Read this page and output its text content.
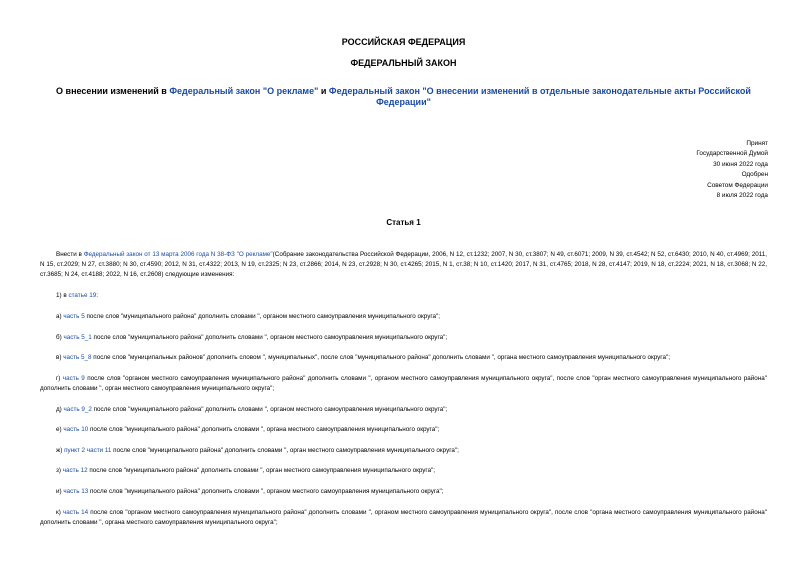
РОССИЙСКАЯ ФЕДЕРАЦИЯ
ФЕДЕРАЛЬНЫЙ ЗАКОН
О внесении изменений в Федеральный закон "О рекламе" и Федеральный закон "О внесении изменений в отдельные законодательные акты Российской Федерации"
Принят
Государственной Думой
30 июня 2022 года
Одобрен
Советом Федерации
8 июля 2022 года
Статья 1
Внести в Федеральный закон от 13 марта 2006 года N 38-ФЗ "О рекламе"(Собрание законодательства Российской Федерации, 2006, N 12, ст.1232; 2007, N 30, ст.3807; N 49, ст.6071; 2009, N 39, ст.4542; N 52, ст.6430; 2010, N 40, ст.4969; 2011, N 15, ст.2029; N 27, ст.3880; N 30, ст.4590; 2012, N 31, ст.4322; 2013, N 19, ст.2325; N 23, ст.2866; 2014, N 23, ст.2928; N 30, ст.4265; 2015, N 1, ст.38; N 10, ст.1420; 2017, N 31, ст.4765; 2018, N 28, ст.4147; 2019, N 18, ст.2224; 2021, N 18, ст.3068; N 22, ст.3685; N 24, ст.4188; 2022, N 16, ст.2608) следующие изменения:
1) в статье 19:
а) часть 5 после слов "муниципального района" дополнить словами ", органом местного самоуправления муниципального округа";
б) часть 5_1 после слов "муниципального района" дополнить словами ", органом местного самоуправления муниципального округа";
в) часть 5_8 после слов "муниципальных районов" дополнить словом ", муниципальных", после слов "муниципального района" дополнить словами ", органа местного самоуправления муниципального округа";
г) часть 9 после слов "органом местного самоуправления муниципального района" дополнить словами ", органом местного самоуправления муниципального округа", после слов "орган местного самоуправления муниципального района" дополнить словами ", орган местного самоуправления муниципального округа";
д) часть 9_2 после слов "муниципального района" дополнить словами ", органом местного самоуправления муниципального округа";
е) часть 10 после слов "муниципального района" дополнить словами ", органа местного самоуправления муниципального округа";
ж) пункт 2 части 11 после слов "муниципального района" дополнить словами ", орган местного самоуправления муниципального округа";
з) часть 12 после слов "муниципального района" дополнить словами ", орган местного самоуправления муниципального округа";
и) часть 13 после слов "муниципального района" дополнить словами ", органом местного самоуправления муниципального округа";
к) часть 14 после слов "органом местного самоуправления муниципального района" дополнить словами ", органом местного самоуправления муниципального округа", после слов "органа местного самоуправления муниципального района" дополнить словами ", органа местного самоуправления муниципального округа";
